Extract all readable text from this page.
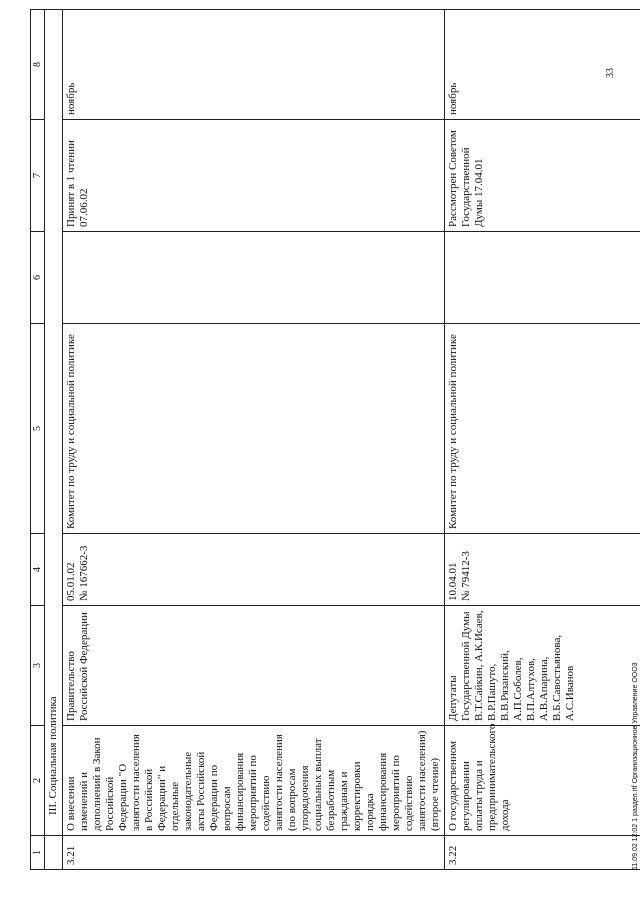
1	2	3	4	5	6	7	8
	III. Социальная политика						
3.21	О внесении изменений и дополнений в Закон Российской Федерации "О занятости населения в Российской Федерации" и отдельные законодательные акты Российской Федерации по вопросам финансирования мероприятий по содействию занятости населения (по вопросам упорядочения социальных выплат безработным гражданам и корректировки порядка финансирования мероприятий по содействию занятости населения) (второе чтение)	Правительство Российской Федерации	05.01.02 № 167662-3	Комитет по труду и социальной политике		Принят в 1 чтении 07.06.02	ноябрь
3.22	О государственном регулировании оплаты труда и предпринимательского дохода	Депутаты Государственной Думы В.Т.Сайкин, А.К.Исаев, В.Р.Пашуто, В.В.Рязанский, А.П.Соболев, В.П.Алтухов, А.В.Апарина, В.Б.Савостьянова, А.С.Иванов	10.04.01 № 79412-3	Комитет по труду и социальной политике		Рассмотрен Советом Государственной Думы 17.04.01	ноябрь
33
11.09.02 12:02 1 раздел.rtf Организационное Управление ООО3
